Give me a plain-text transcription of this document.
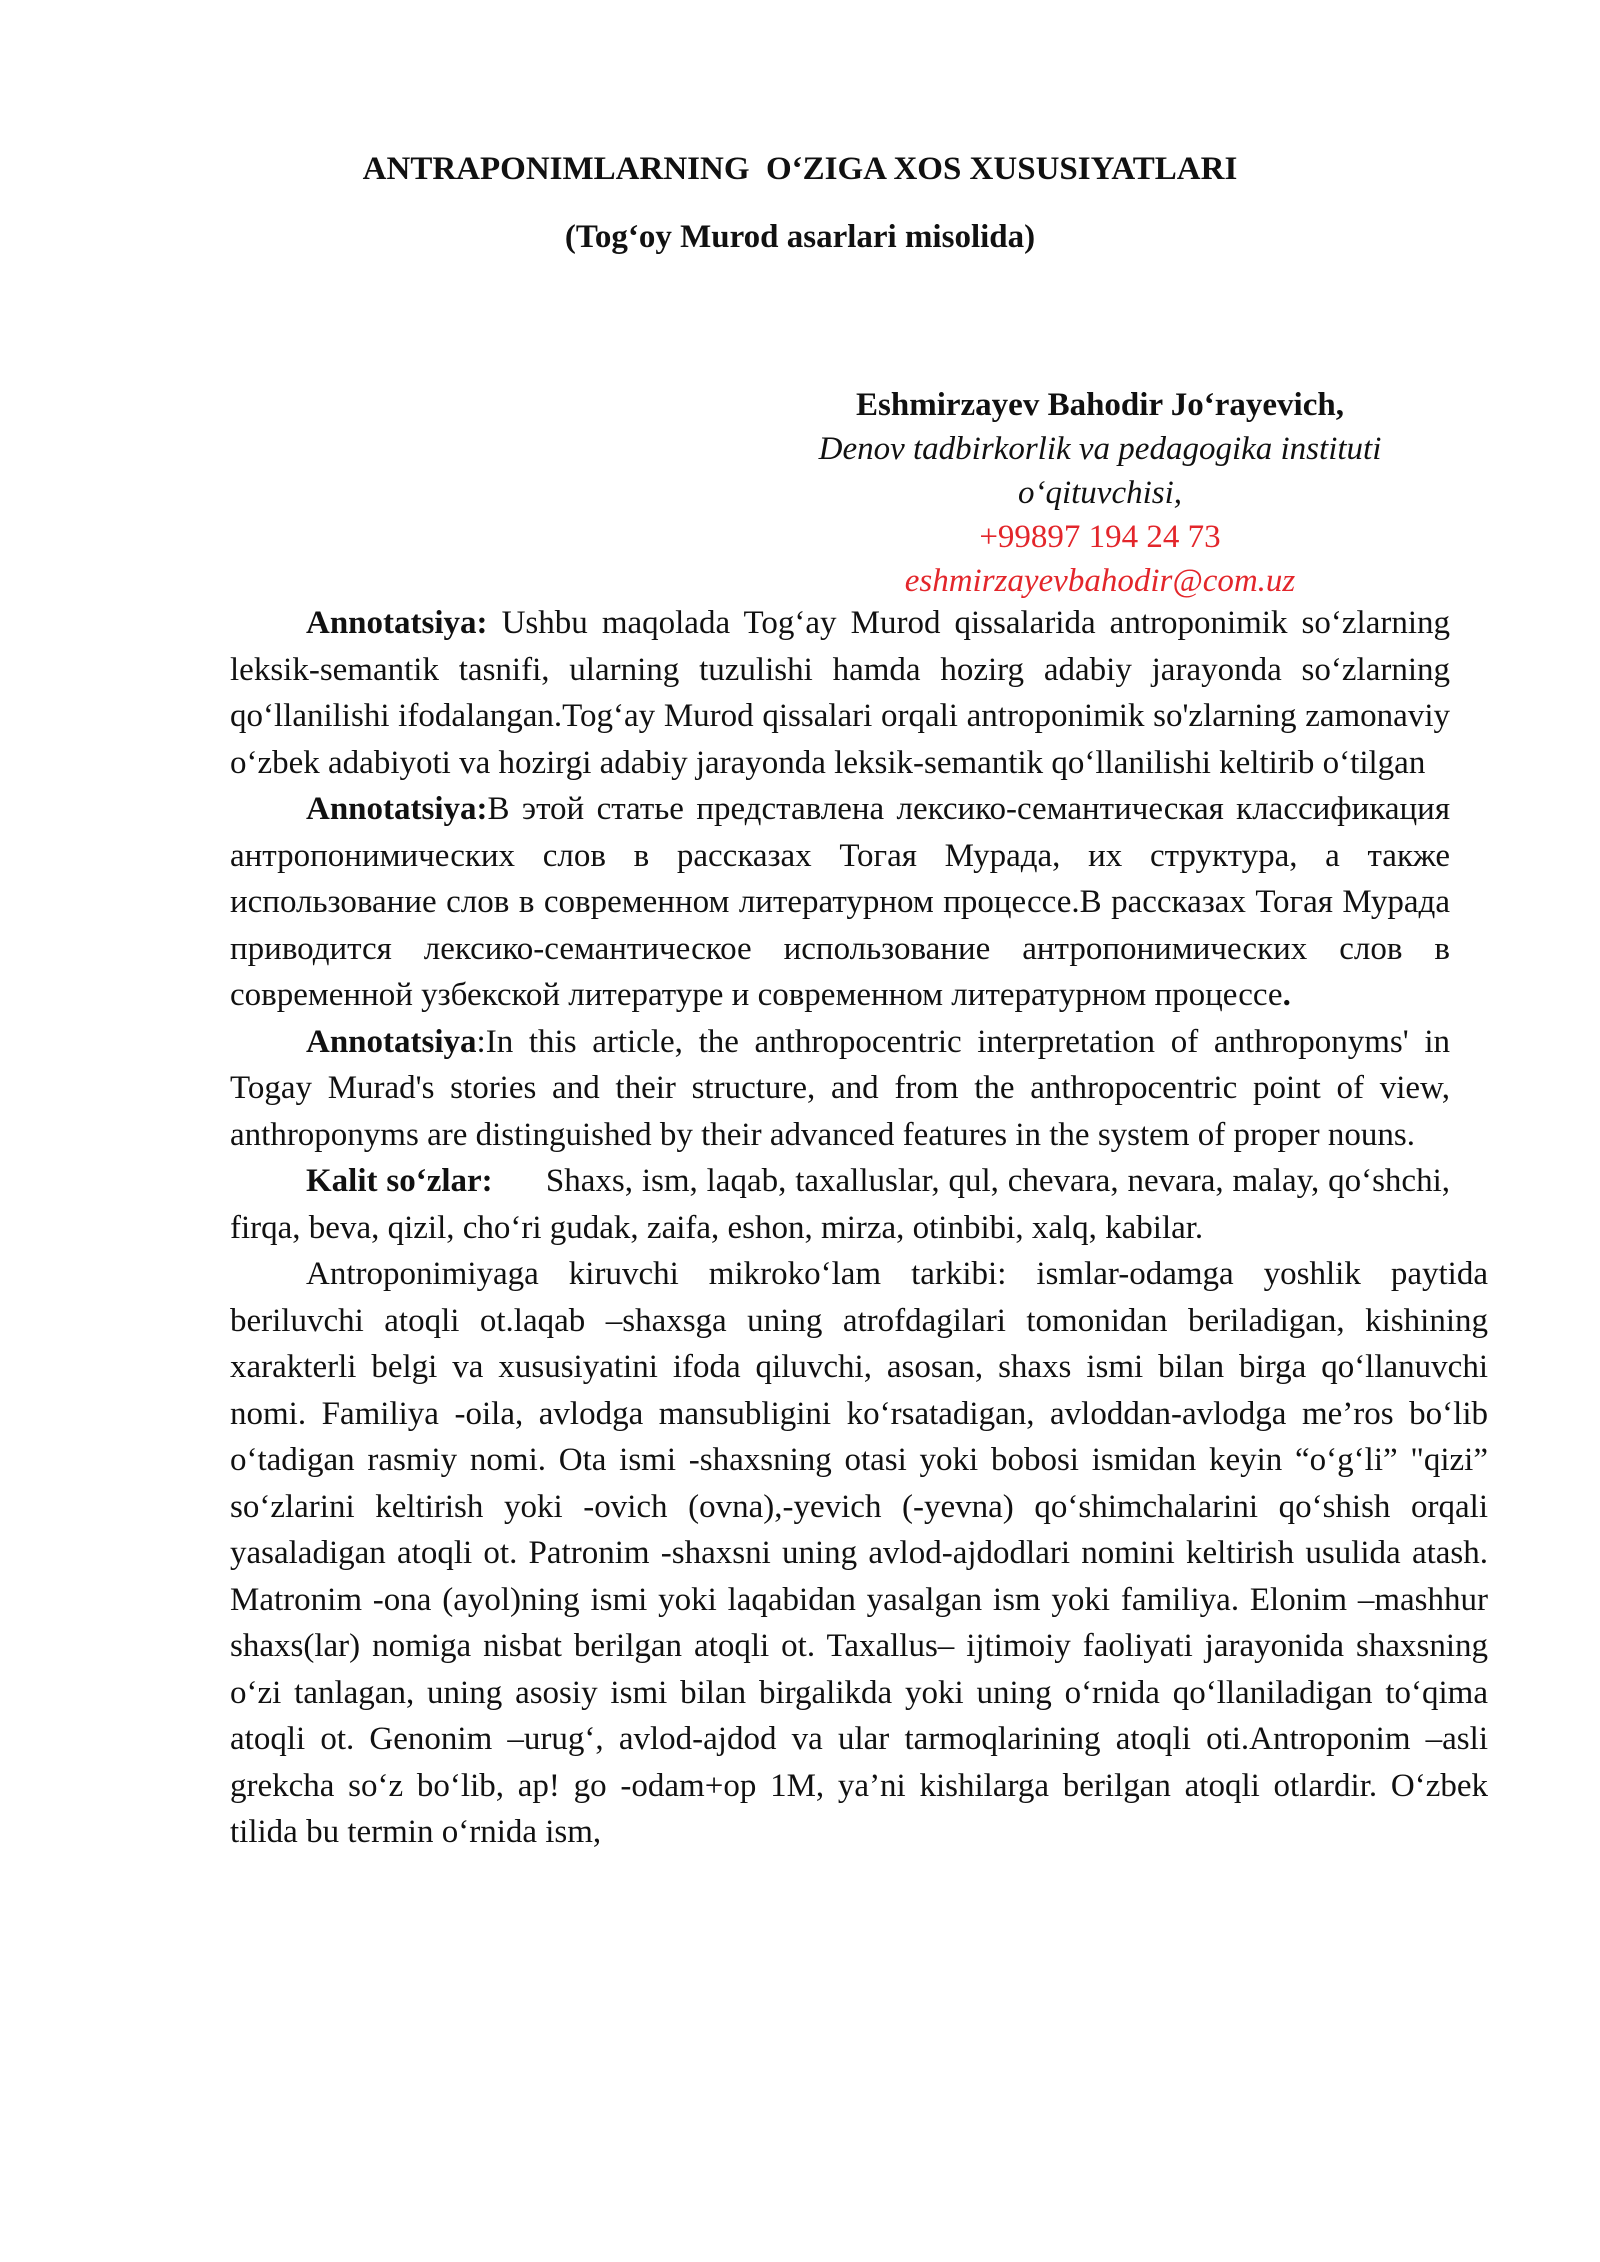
ANTRAPONIMLARNING  O‘ZIGA XOS XUSUSIYATLARI
(Tog‘oy Murod asarlari misolida)
Eshmirzayev Bahodir Jo‘rayevich,
Denov tadbirkorlik va pedagogika instituti
o‘qituvchisi,
+99897 194 24 73
eshmirzayevbahodir@com.uz

Annotatsiya: Ushbu maqolada Tog‘ay Murod qissalarida antroponimik so‘zlarning leksik-semantik tasnifi, ularning tuzulishi hamda hozirg adabiy jarayonda so‘zlarning qo‘llanilishi ifodalangan.Tog‘ay Murod qissalari orqali antroponimik so'zlarning zamonaviy o‘zbek adabiyoti va hozirgi adabiy jarayonda leksik-semantik qo‘llanilishi keltirib o‘tilgan

Annotatsiya:В этой статье представлена лексико-семантическая классификация антропонимических слов в рассказах Тогая Мурада, их структура, а также использование слов в современном литературном процессе.В рассказах Тогая Мурада приводится лексико-семантическое использование антропонимических слов в современной узбекской литературе и современном литературном процессе.

Annotatsiya:In this article, the anthropocentric interpretation of anthroponyms' in Togay Murad's stories and their structure, and from the anthropocentric point of view, anthroponyms are distinguished by their advanced features in the system of proper nouns.

Kalit so‘zlar:      Shaxs, ism, laqab, taxalluslar, qul, chevara, nevara, malay, qo‘shchi, firqa, beva, qizil, cho‘ri gudak, zaifa, eshon, mirza, otinbibi, xalq, kabilar.

Antroponimiyaga kiruvchi mikroko‘lam tarkibi: ismlar-odamga yoshlik paytida beriluvchi atoqli ot.laqab –shaxsga uning atrofdagilari tomonidan beriladigan, kishining xarakterli belgi va xususiyatini ifoda qiluvchi, asosan, shaxs ismi bilan birga qo‘llanuvchi nomi. Familiya -oila, avlodga mansubligini ko‘rsatadigan, avloddan-avlodga me’ros bo‘lib o‘tadigan rasmiy nomi. Ota ismi -shaxsning otasi yoki bobosi ismidan keyin “o‘g‘li” "qizi” so‘zlarini keltirish yoki -ovich (ovna),-yevich (-yevna) qo‘shimchalarini qo‘shish orqali yasaladigan atoqli ot. Patronim -shaxsni uning avlod-ajdodlari nomini keltirish usulida atash. Matronim -ona (ayol)ning ismi yoki laqabidan yasalgan ism yoki familiya. Elonim –mashhur shaxs(lar) nomiga nisbat berilgan atoqli ot. Taxallus– ijtimoiy faoliyati jarayonida shaxsning o‘zi tanlagan, uning asosiy ismi bilan birgalikda yoki uning o‘rnida qo‘llaniladigan to‘qima atoqli ot. Genonim –urug‘, avlod-ajdod va ular tarmoqlarining atoqli oti.Antroponim –asli grekcha so‘z bo‘lib, ap! go -odam+op 1M, ya’ni kishilarga berilgan atoqli otlardir. O‘zbek tilida bu termin o‘rnida ism,
